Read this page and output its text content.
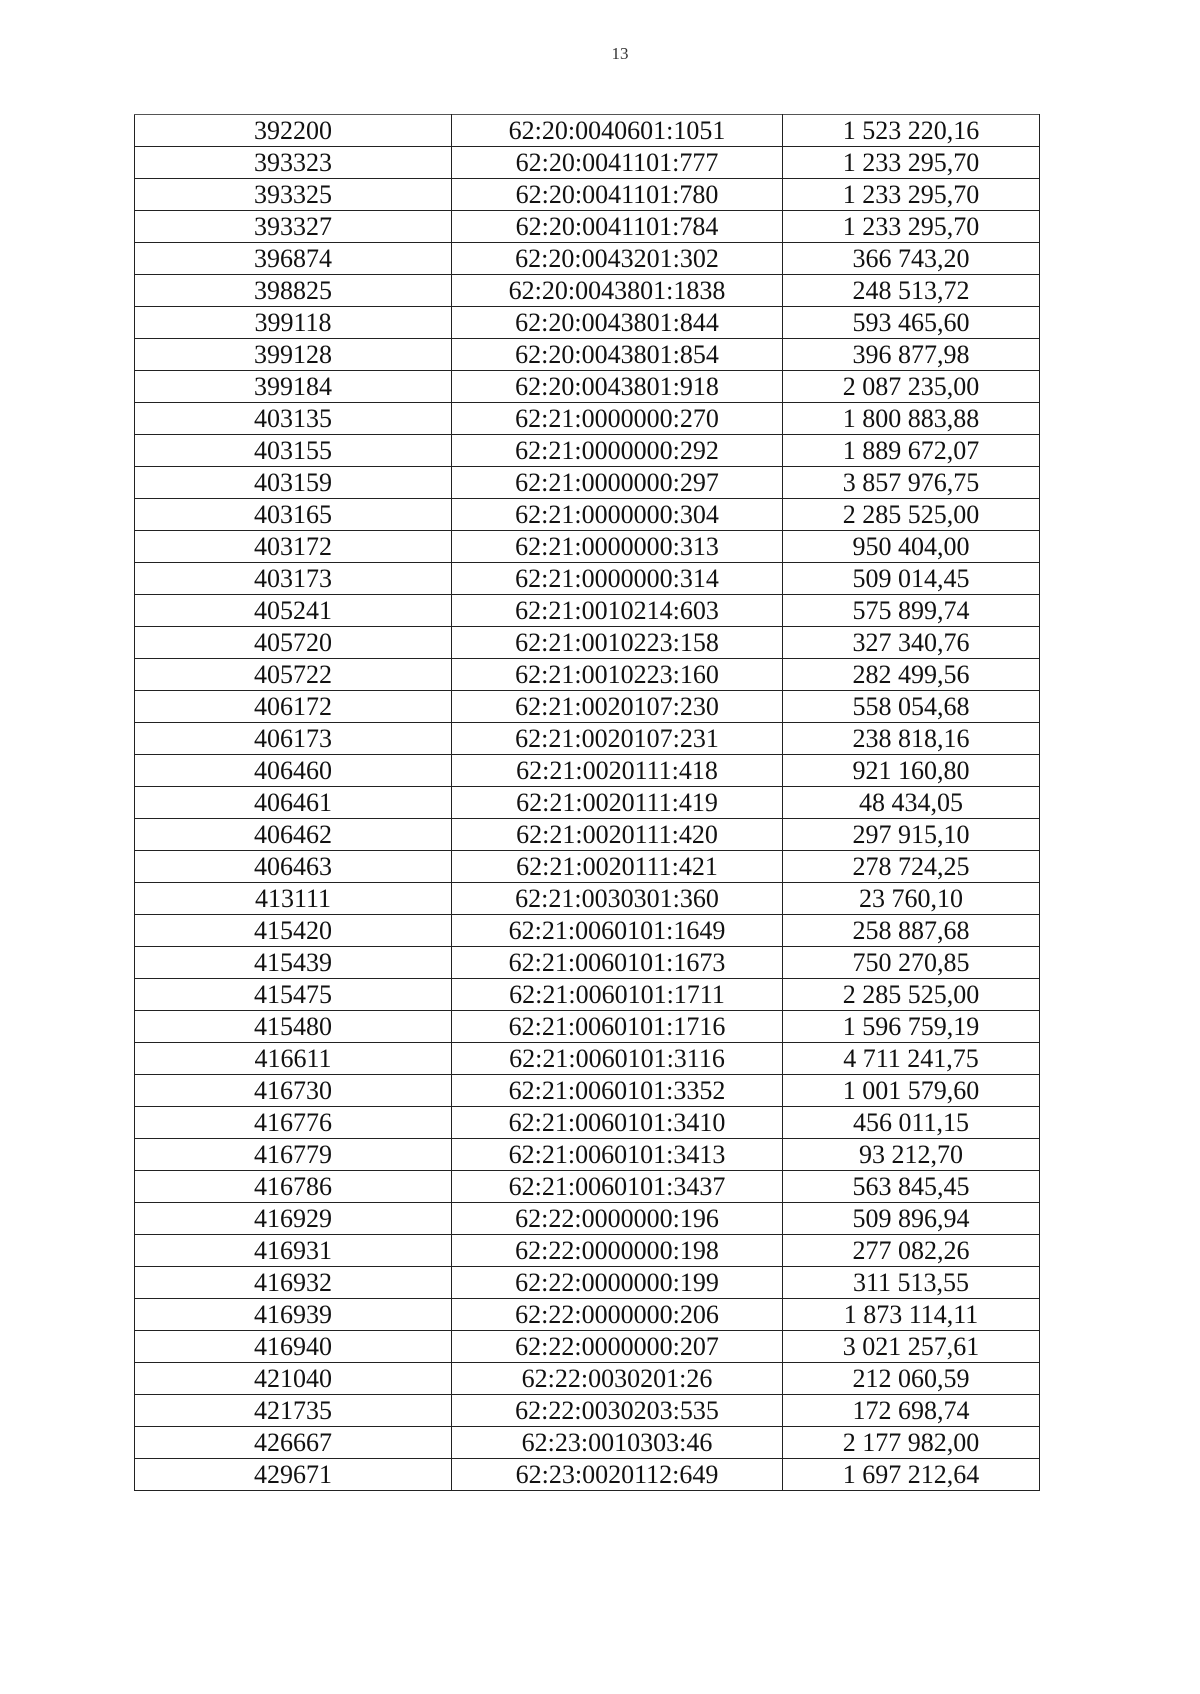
13
392200	62:20:0040601:1051	1 523 220,16
393323	62:20:0041101:777	1 233 295,70
393325	62:20:0041101:780	1 233 295,70
393327	62:20:0041101:784	1 233 295,70
396874	62:20:0043201:302	366 743,20
398825	62:20:0043801:1838	248 513,72
399118	62:20:0043801:844	593 465,60
399128	62:20:0043801:854	396 877,98
399184	62:20:0043801:918	2 087 235,00
403135	62:21:0000000:270	1 800 883,88
403155	62:21:0000000:292	1 889 672,07
403159	62:21:0000000:297	3 857 976,75
403165	62:21:0000000:304	2 285 525,00
403172	62:21:0000000:313	950 404,00
403173	62:21:0000000:314	509 014,45
405241	62:21:0010214:603	575 899,74
405720	62:21:0010223:158	327 340,76
405722	62:21:0010223:160	282 499,56
406172	62:21:0020107:230	558 054,68
406173	62:21:0020107:231	238 818,16
406460	62:21:0020111:418	921 160,80
406461	62:21:0020111:419	48 434,05
406462	62:21:0020111:420	297 915,10
406463	62:21:0020111:421	278 724,25
413111	62:21:0030301:360	23 760,10
415420	62:21:0060101:1649	258 887,68
415439	62:21:0060101:1673	750 270,85
415475	62:21:0060101:1711	2 285 525,00
415480	62:21:0060101:1716	1 596 759,19
416611	62:21:0060101:3116	4 711 241,75
416730	62:21:0060101:3352	1 001 579,60
416776	62:21:0060101:3410	456 011,15
416779	62:21:0060101:3413	93 212,70
416786	62:21:0060101:3437	563 845,45
416929	62:22:0000000:196	509 896,94
416931	62:22:0000000:198	277 082,26
416932	62:22:0000000:199	311 513,55
416939	62:22:0000000:206	1 873 114,11
416940	62:22:0000000:207	3 021 257,61
421040	62:22:0030201:26	212 060,59
421735	62:22:0030203:535	172 698,74
426667	62:23:0010303:46	2 177 982,00
429671	62:23:0020112:649	1 697 212,64
